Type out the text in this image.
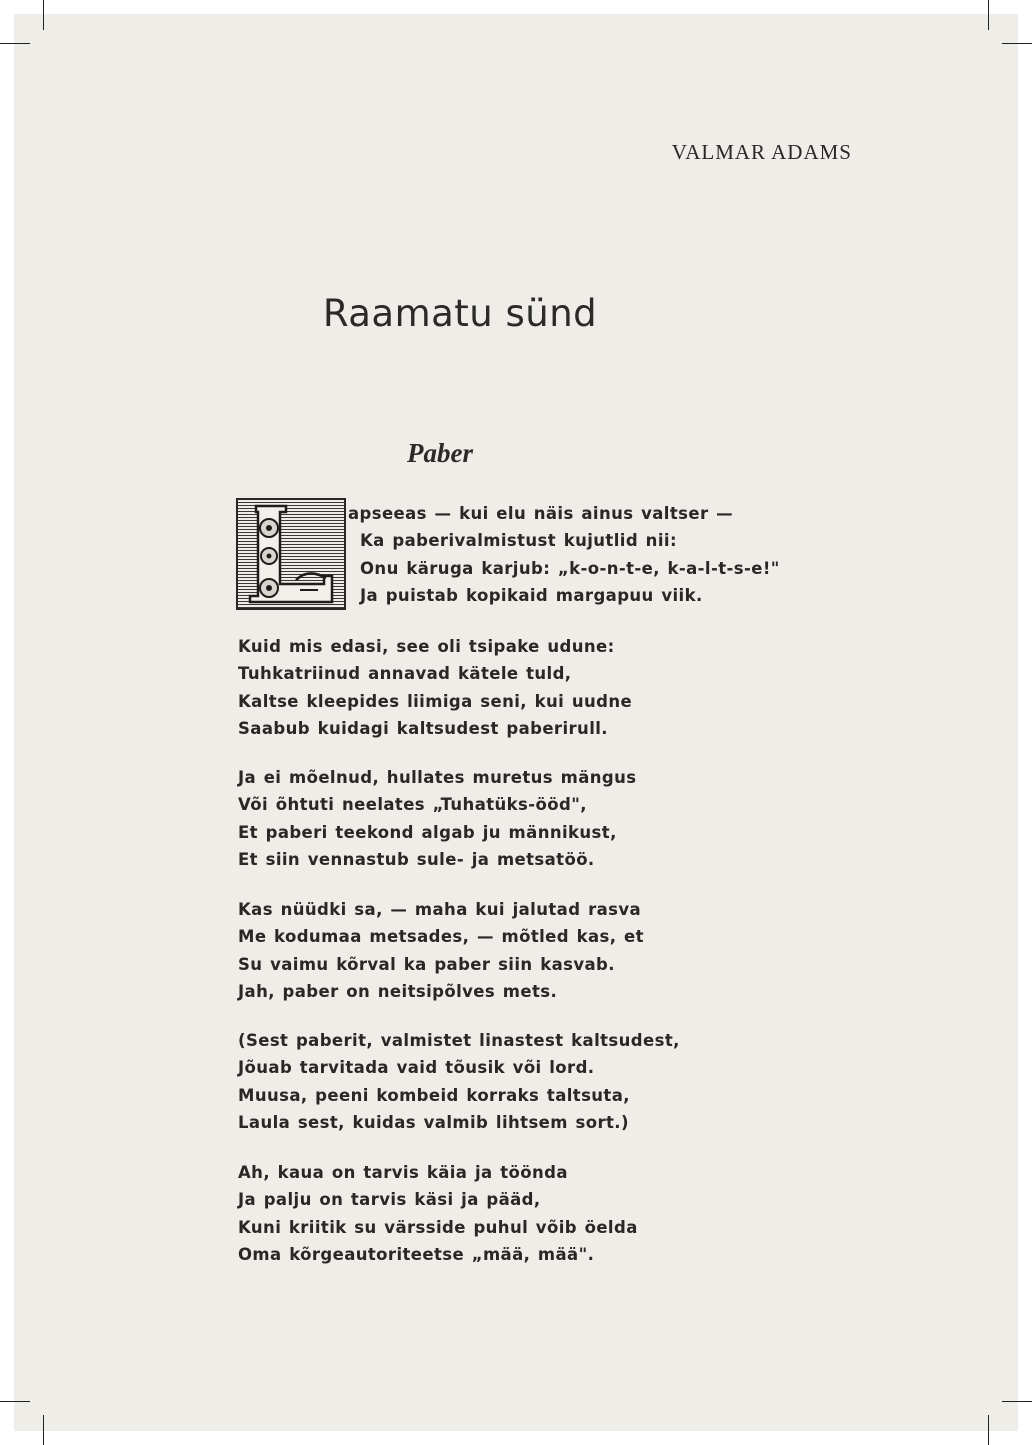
VALMAR ADAMS
Raamatu sünd
Paber
apseeas — kui elu näis ainus valtser —
Ka paberivalmistust kujutlid nii:
Onu käruga karjub: „k-o-n-t-e, k-a-l-t-s-e!"
Ja puistab kopikaid margapuu viik.
Kuid mis edasi, see oli tsipake udune:
Tuhkatriinud annavad kätele tuld,
Kaltse kleepides liimiga seni, kui uudne
Saabub kuidagi kaltsudest paberirull.
Ja ei mõelnud, hullates muretus mängus
Või õhtuti neelates „Tuhatüks-ööd",
Et paberi teekond algab ju männikust,
Et siin vennastub sule- ja metsatöö.
Kas nüüdki sa, — maha kui jalutad rasva
Me kodumaa metsades, — mõtled kas, et
Su vaimu kõrval ka paber siin kasvab.
Jah, paber on neitsipõlves mets.
(Sest paberit, valmistet linastest kaltsudest,
Jõuab tarvitada vaid tõusik või lord.
Muusa, peeni kombeid korraks taltsuta,
Laula sest, kuidas valmib lihtsem sort.)
Ah, kaua on tarvis käia ja töönda
Ja palju on tarvis käsi ja pääd,
Kuni kriitik su värsside puhul võib öelda
Oma kõrgeautoriteetse „mää, mää".
